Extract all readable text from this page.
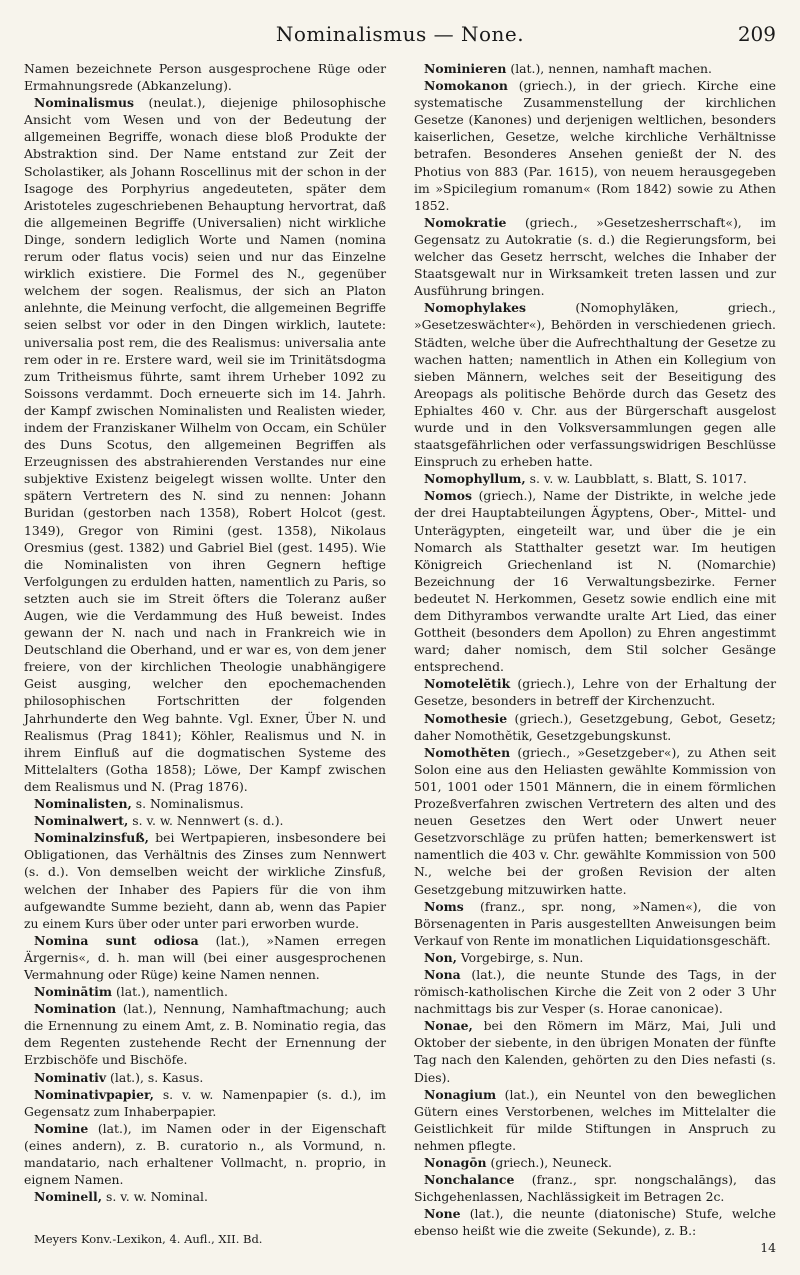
Nominalismus — None.	209

Namen bezeichnete Person ausgesprochene Rüge oder Ermahnungsrede (Abkanzelung).

Nominalismus (neulat.), diejenige philosophische Ansicht vom Wesen und von der Bedeutung der allgemeinen Begriffe, wonach diese bloß Produkte der Abstraktion sind. Der Name entstand zur Zeit der Scholastiker, als Johann Roscellinus mit der schon in der Isagoge des Porphyrius angedeuteten, später dem Aristoteles zugeschriebenen Behauptung hervortrat, daß die allgemeinen Begriffe (Universalien) nicht wirkliche Dinge, sondern lediglich Worte und Namen (nomina rerum oder flatus vocis) seien und nur das Einzelne wirklich existiere. Die Formel des N., gegenüber welchem der sogen. Realismus, der sich an Platon anlehnte, die Meinung verfocht, die allgemeinen Begriffe seien selbst vor oder in den Dingen wirklich, lautete: universalia post rem, die des Realismus: universalia ante rem oder in re. Erstere ward, weil sie im Trinitätsdogma zum Tritheismus führte, samt ihrem Urheber 1092 zu Soissons verdammt. Doch erneuerte sich im 14. Jahrh. der Kampf zwischen Nominalisten und Realisten wieder, indem der Franziskaner Wilhelm von Occam, ein Schüler des Duns Scotus, den allgemeinen Begriffen als Erzeugnissen des abstrahierenden Verstandes nur eine subjektive Existenz beigelegt wissen wollte. Unter den spätern Vertretern des N. sind zu nennen: Johann Buridan (gestorben nach 1358), Robert Holcot (gest. 1349), Gregor von Rimini (gest. 1358), Nikolaus Oresmius (gest. 1382) und Gabriel Biel (gest. 1495). Wie die Nominalisten von ihren Gegnern heftige Verfolgungen zu erdulden hatten, namentlich zu Paris, so setzten auch sie im Streit öfters die Toleranz außer Augen, wie die Verdammung des Huß beweist. Indes gewann der N. nach und nach in Frankreich wie in Deutschland die Oberhand, und er war es, von dem jener freiere, von der kirchlichen Theologie unabhängigere Geist ausging, welcher den epochemachenden philosophischen Fortschritten der folgenden Jahrhunderte den Weg bahnte. Vgl. Exner, Über N. und Realismus (Prag 1841); Köhler, Realismus und N. in ihrem Einfluß auf die dogmatischen Systeme des Mittelalters (Gotha 1858); Löwe, Der Kampf zwischen dem Realismus und N. (Prag 1876).

Nominalisten, s. Nominalismus.

Nominalwert, s. v. w. Nennwert (s. d.).

Nominalzinsfuß, bei Wertpapieren, insbesondere bei Obligationen, das Verhältnis des Zinses zum Nennwert (s. d.). Von demselben weicht der wirkliche Zinsfuß, welchen der Inhaber des Papiers für die von ihm aufgewandte Summe bezieht, dann ab, wenn das Papier zu einem Kurs über oder unter pari erworben wurde.

Nomina sunt odiosa (lat.), »Namen erregen Ärgernis«, d. h. man will (bei einer ausgesprochenen Vermahnung oder Rüge) keine Namen nennen.

Nominātim (lat.), namentlich.

Nomination (lat.), Nennung, Namhaftmachung; auch die Ernennung zu einem Amt, z. B. Nominatio regia, das dem Regenten zustehende Recht der Ernennung der Erzbischöfe und Bischöfe.

Nominativ (lat.), s. Kasus.

Nominativpapier, s. v. w. Namenpapier (s. d.), im Gegensatz zum Inhaberpapier.

Nomine (lat.), im Namen oder in der Eigenschaft (eines andern), z. B. curatorio n., als Vormund, n. mandatario, nach erhaltener Vollmacht, n. proprio, in eignem Namen.

Nominell, s. v. w. Nominal.

Nominieren (lat.), nennen, namhaft machen.

Nomokanon (griech.), in der griech. Kirche eine systematische Zusammenstellung der kirchlichen Gesetze (Kanones) und derjenigen weltlichen, besonders kaiserlichen, Gesetze, welche kirchliche Verhältnisse betrafen. Besonderes Ansehen genießt der N. des Photius von 883 (Par. 1615), von neuem herausgegeben im »Spicilegium romanum« (Rom 1842) sowie zu Athen 1852.

Nomokratie (griech., »Gesetzesherrschaft«), im Gegensatz zu Autokratie (s. d.) die Regierungsform, bei welcher das Gesetz herrscht, welches die Inhaber der Staatsgewalt nur in Wirksamkeit treten lassen und zur Ausführung bringen.

Nomophylakes (Nomophylăken, griech., »Gesetzeswächter«), Behörden in verschiedenen griech. Städten, welche über die Aufrechthaltung der Gesetze zu wachen hatten; namentlich in Athen ein Kollegium von sieben Männern, welches seit der Beseitigung des Areopags als politische Behörde durch das Gesetz des Ephialtes 460 v. Chr. aus der Bürgerschaft ausgelost wurde und in den Volksversammlungen gegen alle staatsgefährlichen oder verfassungswidrigen Beschlüsse Einspruch zu erheben hatte.

Nomophyllum, s. v. w. Laubblatt, s. Blatt, S. 1017.

Nomos (griech.), Name der Distrikte, in welche jede der drei Hauptabteilungen Ägyptens, Ober-, Mittel- und Unterägypten, eingeteilt war, und über die je ein Nomarch als Statthalter gesetzt war. Im heutigen Königreich Griechenland ist N. (Nomarchie) Bezeichnung der 16 Verwaltungsbezirke. Ferner bedeutet N. Herkommen, Gesetz sowie endlich eine mit dem Dithyrambos verwandte uralte Art Lied, das einer Gottheit (besonders dem Apollon) zu Ehren angestimmt ward; daher nomisch, dem Stil solcher Gesänge entsprechend.

Nomotelĕtik (griech.), Lehre von der Erhaltung der Gesetze, besonders in betreff der Kirchenzucht.

Nomothesie (griech.), Gesetzgebung, Gebot, Gesetz; daher Nomothĕtik, Gesetzgebungskunst.

Nomothĕten (griech., »Gesetzgeber«), zu Athen seit Solon eine aus den Heliasten gewählte Kommission von 501, 1001 oder 1501 Männern, die in einem förmlichen Prozeßverfahren zwischen Vertretern des alten und des neuen Gesetzes den Wert oder Unwert neuer Gesetzvorschläge zu prüfen hatten; bemerkenswert ist namentlich die 403 v. Chr. gewählte Kommission von 500 N., welche bei der großen Revision der alten Gesetzgebung mitzuwirken hatte.

Noms (franz., spr. nong, »Namen«), die von Börsenagenten in Paris ausgestellten Anweisungen beim Verkauf von Rente im monatlichen Liquidationsgeschäft.

Non, Vorgebirge, s. Nun.

Nona (lat.), die neunte Stunde des Tags, in der römisch-katholischen Kirche die Zeit von 2 oder 3 Uhr nachmittags bis zur Vesper (s. Horae canonicae).

Nonae, bei den Römern im März, Mai, Juli und Oktober der siebente, in den übrigen Monaten der fünfte Tag nach den Kalenden, gehörten zu den Dies nefasti (s. Dies).

Nonagium (lat.), ein Neuntel von den beweglichen Gütern eines Verstorbenen, welches im Mittelalter die Geistlichkeit für milde Stiftungen in Anspruch zu nehmen pflegte.

Nonagōn (griech.), Neuneck.

Nonchalance (franz., spr. nongschalāngs), das Sichgehenlassen, Nachlässigkeit im Betragen 2c.

None (lat.), die neunte (diatonische) Stufe, welche ebenso heißt wie die zweite (Sekunde), z. B.:

14
Meyers Konv.-Lexikon, 4. Aufl., XII. Bd.
